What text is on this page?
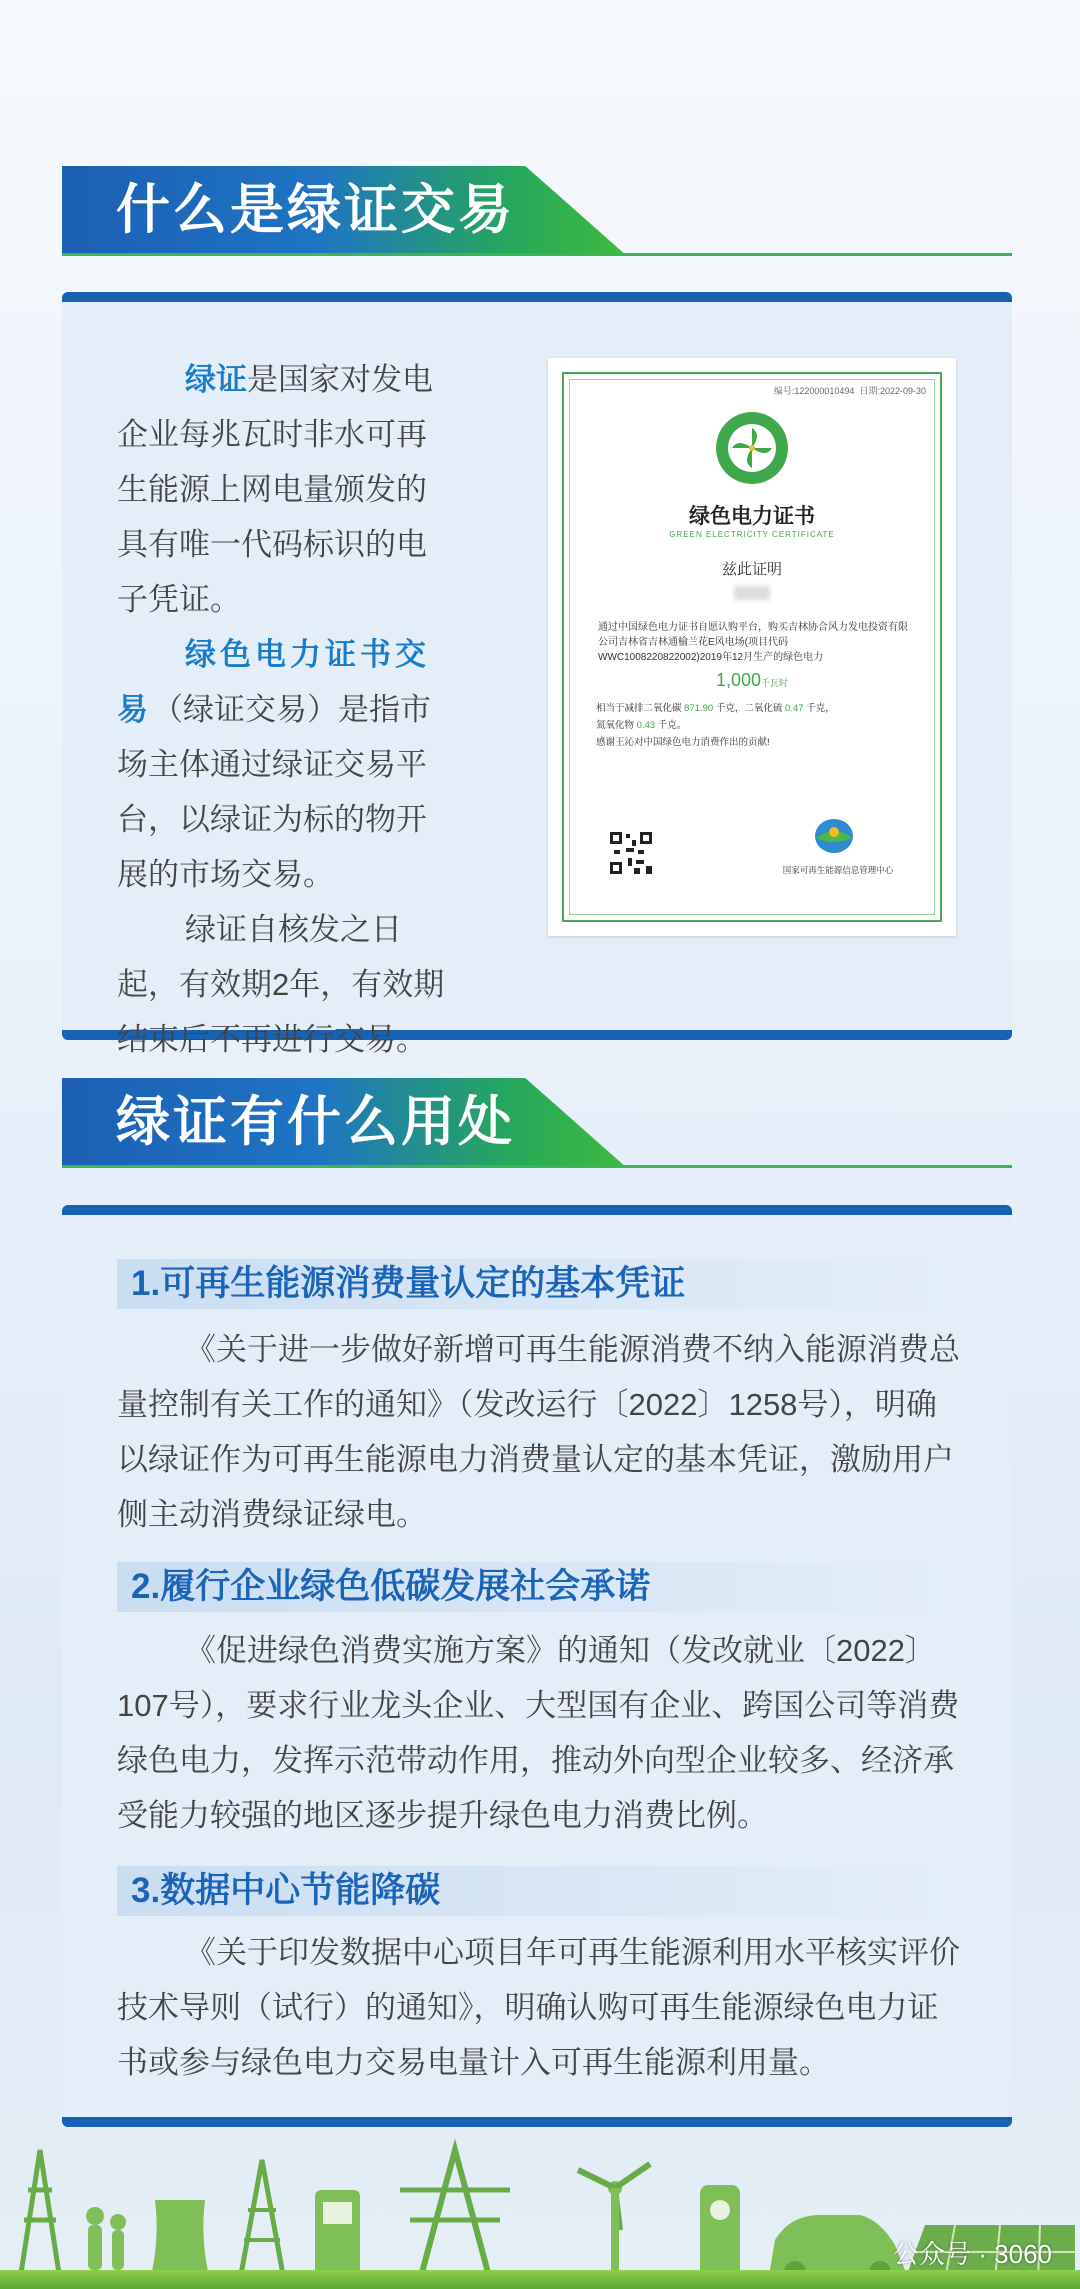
什么是绿证交易
绿证是国家对发电企业每兆瓦时非水可再生能源上网电量颁发的具有唯一代码标识的电子凭证。
绿色电力证书交易（绿证交易）是指市场主体通过绿证交易平台，以绿证为标的物开展的市场交易。
绿证自核发之日起，有效期2年，有效期结束后不再进行交易。
编号:122000010494 日期:2022-09-30
绿色电力证书
GREEN ELECTRICITY CERTIFICATE
兹此证明
通过中国绿色电力证书自愿认购平台，购买吉林协合风力发电投资有限公司吉林省吉林通榆兰花E风电场(项目代码WWC1008220822002)2019年12月生产的绿色电力
1,000千瓦时
相当于减排二氧化碳 871.90 千克，二氧化硫 0.47 千克，
氮氧化物 0.43 千克。
感谢王沁对中国绿色电力消费作出的贡献!
国家可再生能源信息管理中心
绿证有什么用处
1.可再生能源消费量认定的基本凭证
《关于进一步做好新增可再生能源消费不纳入能源消费总量控制有关工作的通知》（发改运行〔2022〕1258号），明确以绿证作为可再生能源电力消费量认定的基本凭证，激励用户侧主动消费绿证绿电。
2.履行企业绿色低碳发展社会承诺
《促进绿色消费实施方案》的通知（发改就业〔2022〕107号），要求行业龙头企业、大型国有企业、跨国公司等消费绿色电力，发挥示范带动作用，推动外向型企业较多、经济承受能力较强的地区逐步提升绿色电力消费比例。
3.数据中心节能降碳
《关于印发数据中心项目年可再生能源利用水平核实评价技术导则（试行）的通知》，明确认购可再生能源绿色电力证书或参与绿色电力交易电量计入可再生能源利用量。
公众号 · 3060
